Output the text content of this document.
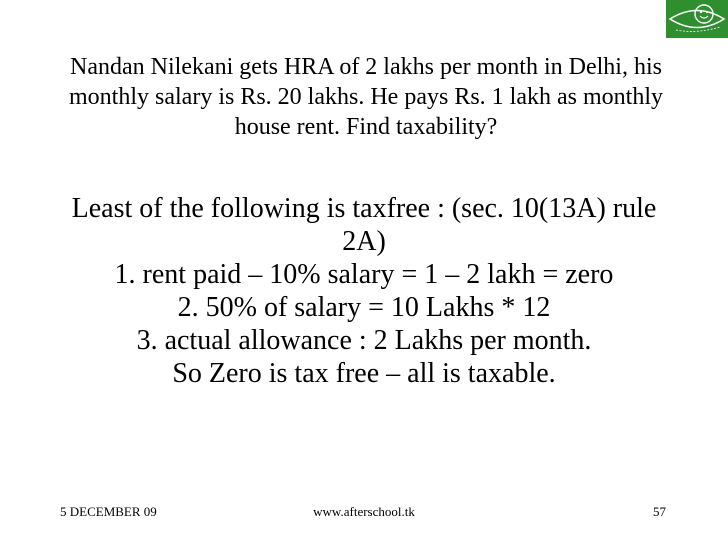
Nandan Nilekani gets HRA of 2 lakhs per month in Delhi, his monthly salary is Rs. 20 lakhs. He pays Rs. 1 lakh as monthly house rent. Find taxability?
Least of the following is taxfree : (sec. 10(13A) rule 2A)
1. rent paid – 10% salary = 1 – 2 lakh = zero
2. 50% of salary = 10 Lakhs * 12
3. actual allowance : 2 Lakhs per month.
So Zero is tax free – all is taxable.
5 DECEMBER 09	www.afterschool.tk	57
